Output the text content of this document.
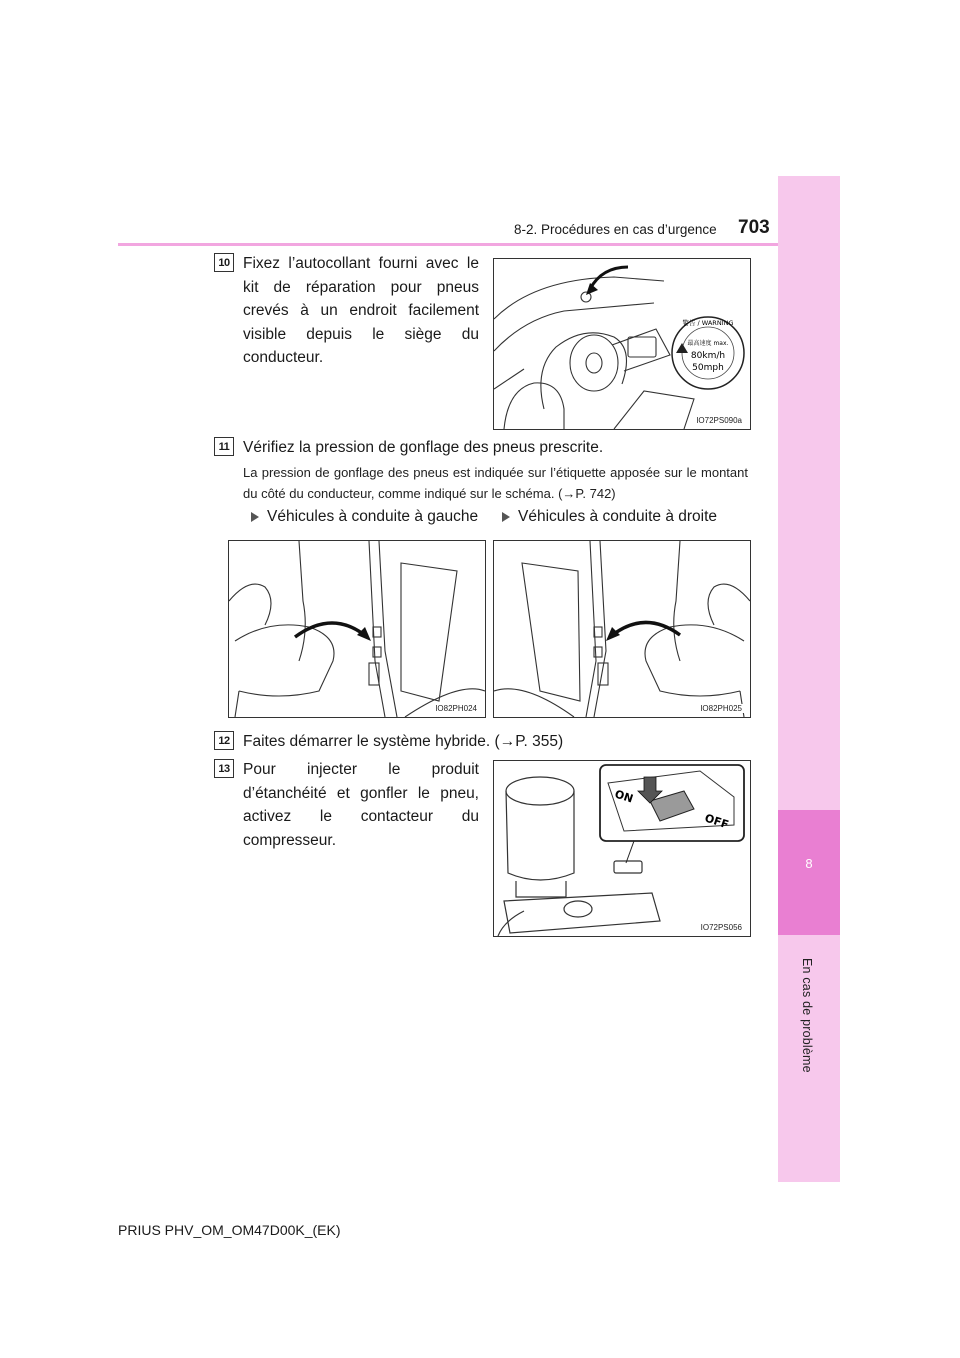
8-2. Procédures en cas d’urgence 703
8
En cas de problème
10 Fixez l’autocollant fourni avec le kit de réparation pour pneus crevés à un endroit facilement visible depuis le siège du conducteur.
警告 / WARNING
最高速度 max.
80km/h
50mph
IO72PS090a
11 Vérifiez la pression de gonflage des pneus prescrite.
La pression de gonflage des pneus est indiquée sur l’étiquette apposée sur le montant du côté du conducteur, comme indiqué sur le schéma. (→P. 742)
Véhicules à conduite à gauche	Véhicules à conduite à droite
IO82PH024	IO82PH025
12 Faites démarrer le système hybride. (→P. 355)
13 Pour injecter le produit d’étanchéité et gonfler le pneu, activez le contacteur du compresseur.
ON
OFF
IO72PS056
PRIUS PHV_OM_OM47D00K_(EK)
